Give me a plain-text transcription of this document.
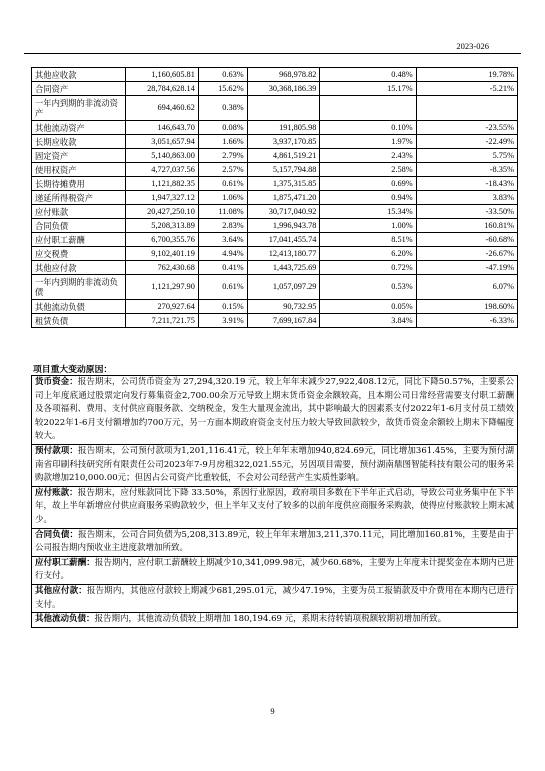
2023-026
其他应收款	1,160,605.81	0.63%	968,978.82	0.48%	19.78%
合同资产	28,784,628.14	15.62%	30,368,186.39	15.17%	-5.21%
一年内到期的非流动资产	694,460.62	0.38%			
其他流动资产	146,643.70	0.08%	191,805.98	0.10%	-23.55%
长期应收款	3,051,657.94	1.66%	3,937,170.85	1.97%	-22.49%
固定资产	5,140,863.00	2.79%	4,861,519.21	2.43%	5.75%
使用权资产	4,727,037.56	2.57%	5,157,794.88	2.58%	-8.35%
长期待摊费用	1,121,882.35	0.61%	1,375,315.85	0.69%	-18.43%
递延所得税资产	1,947,327.12	1.06%	1,875,471.20	0.94%	3.83%
应付账款	20,427,250.10	11.08%	30,717,040.92	15.34%	-33.50%
合同负债	5,208,313.89	2.83%	1,996,943.78	1.00%	160.81%
应付职工薪酬	6,700,355.76	3.64%	17,041,455.74	8.51%	-60.68%
应交税费	9,102,401.19	4.94%	12,413,180.77	6.20%	-26.67%
其他应付款	762,430.68	0.41%	1,443,725.69	0.72%	-47.19%
一年内到期的非流动负债	1,121,297.90	0.61%	1,057,097.29	0.53%	6.07%
其他流动负债	270,927.64	0.15%	90,732.95	0.05%	198.60%
租赁负债	7,211,721.75	3.91%	7,699,167.84	3.84%	-6.33%
项目重大变动原因：
货币资金：报告期末，公司货币资金为 27,294,320.19 元，较上年年末减少27,922,408.12元，同比下降50.57%，主要系公司上年度底通过股票定向发行募集资金2,700.00余万元导致上期末货币资金余额较高，且本期公司日常经营需要支付职工薪酬及各项福利、费用、支付供应商服务款、交纳税金，发生大量现金流出，其中影响最大的因素系支付2022年1-6月支付员工绩效较2022年1-6月支付额增加约700万元，另一方面本期政府资金支付压力较大导致回款较少，故货币资金余额较上期末下降幅度较大。
预付款项：报告期末，公司预付款项为1,201,116.41元，较上年年末增加940,824.69元，同比增加361.45%，主要为预付湖南省印刷科技研究所有限责任公司2023年7-9月房租322,021.55元，另因项目需要，预付湖南鼎图智能科技有限公司的服务采购款增加210,000.00元；但因占公司资产比重较低，不会对公司经营产生实质性影响。
应付账款：报告期末，应付账款同比下降 33.50%，系因行业原因，政府项目多数在下半年正式启动，导致公司业务集中在下半年，故上半年新增应付供应商服务采购款较少，但上半年又支付了较多的以前年度供应商服务采购款，使得应付账款较上期末减少。
合同负债：报告期末，公司合同负债为5,208,313.89元，较上年年末增加3,211,370.11元，同比增加160.81%，主要是由于公司报告期内预收业主进度款增加所致。
应付职工薪酬：报告期内，应付职工薪酬较上期减少10,341,099.98元，减少60.68%，主要为上年度末计提奖金在本期内已进行支付。
其他应付款：报告期内，其他应付款较上期减少681,295.01元，减少47.19%，主要为员工报销款及中介费用在本期内已进行支付。
其他流动负债：报告期内，其他流动负债较上期增加 180,194.69 元，系期末待转销项税额较期初增加所致。
9
